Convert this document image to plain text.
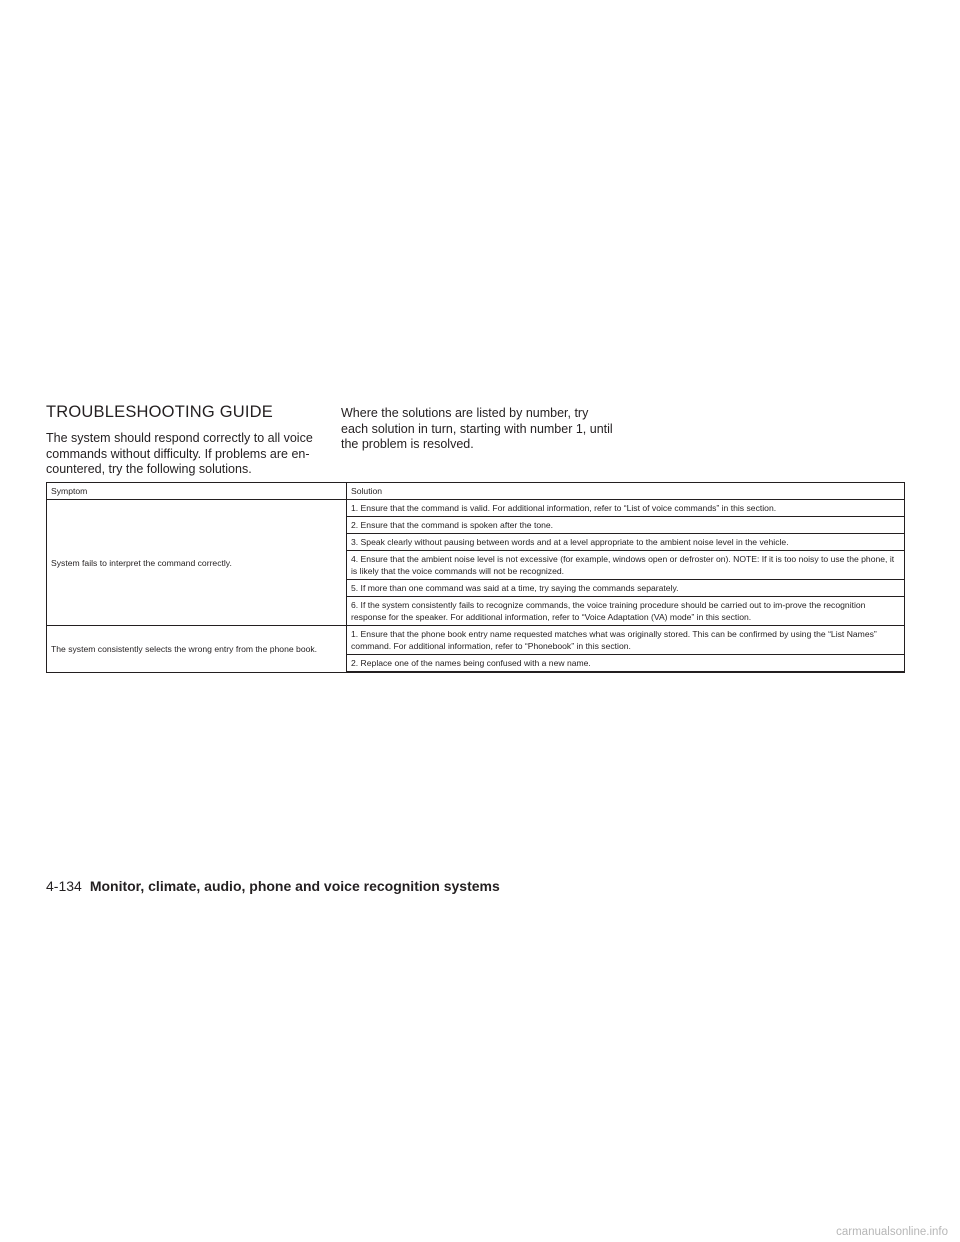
TROUBLESHOOTING GUIDE

The system should respond correctly to all voice commands without difficulty. If problems are en-countered, try the following solutions.

Where the solutions are listed by number, try each solution in turn, starting with number 1, until the problem is resolved.

Symptom	Solution
System fails to interpret the command correctly.	1. Ensure that the command is valid. For additional information, refer to “List of voice commands” in this section.
	2. Ensure that the command is spoken after the tone.
	3. Speak clearly without pausing between words and at a level appropriate to the ambient noise level in the vehicle.
	4. Ensure that the ambient noise level is not excessive (for example, windows open or defroster on). NOTE: If it is too noisy to use the phone, it is likely that the voice commands will not be recognized.
	5. If more than one command was said at a time, try saying the commands separately.
	6. If the system consistently fails to recognize commands, the voice training procedure should be carried out to im-prove the recognition response for the speaker. For additional information, refer to “Voice Adaptation (VA) mode” in this section.
The system consistently selects the wrong entry from the phone book.	1. Ensure that the phone book entry name requested matches what was originally stored. This can be confirmed by using the “List Names” command. For additional information, refer to “Phonebook” in this section.
	2. Replace one of the names being confused with a new name.

4-134 Monitor, climate, audio, phone and voice recognition systems

carmanualsonline.info
